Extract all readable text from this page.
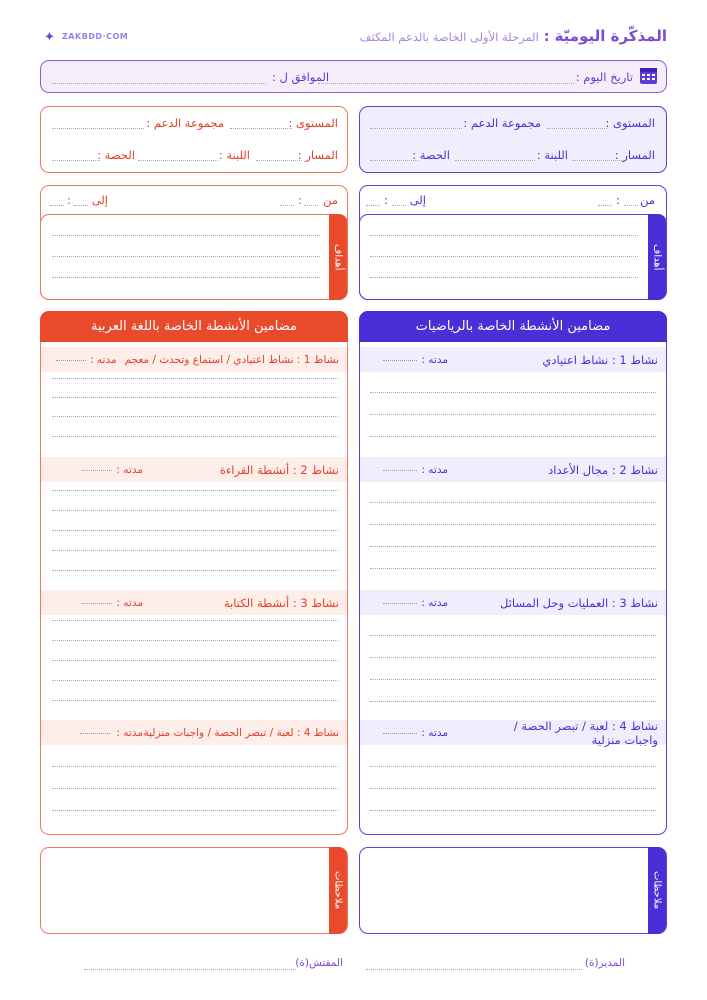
✦ ZAKBDD·COM	المذكّرة اليوميّة : المرحلة الأولى الخاصة بالدعم المكثف
تاريخ اليوم :
الموافق ل :
المستوى :
مجموعة الدعم :
المسار :
اللبنة :
الحصة :
المستوى :
مجموعة الدعم :
المسار :
اللبنة :
الحصة :
من
:
إلى
:
أهداف
من
:
إلى
:
أهداف
مضامين الأنشطة الخاصة بالرياضيات
نشاط 1 : نشاط اعتيادي
مدته :
نشاط 2 : مجال الأعداد
مدته :
نشاط 3 : العمليات وحل المسائل
مدته :
نشاط 4 : لعبة / تبصر الحصة / واجبات منزلية
مدته :
مضامين الأنشطة الخاصة باللغة العربية
نشاط 1 : نشاط اعتيادي / استماع وتحدث / معجم
مدته :
نشاط 2 : أنشطة القراءة
مدته :
نشاط 3 : أنشطة الكتابة
مدته :
نشاط 4 : لعبة / تبصر الحصة / واجبات منزلية
مدته :
ملاحظات
ملاحظات
المدير(ة)
المفتش(ة)
